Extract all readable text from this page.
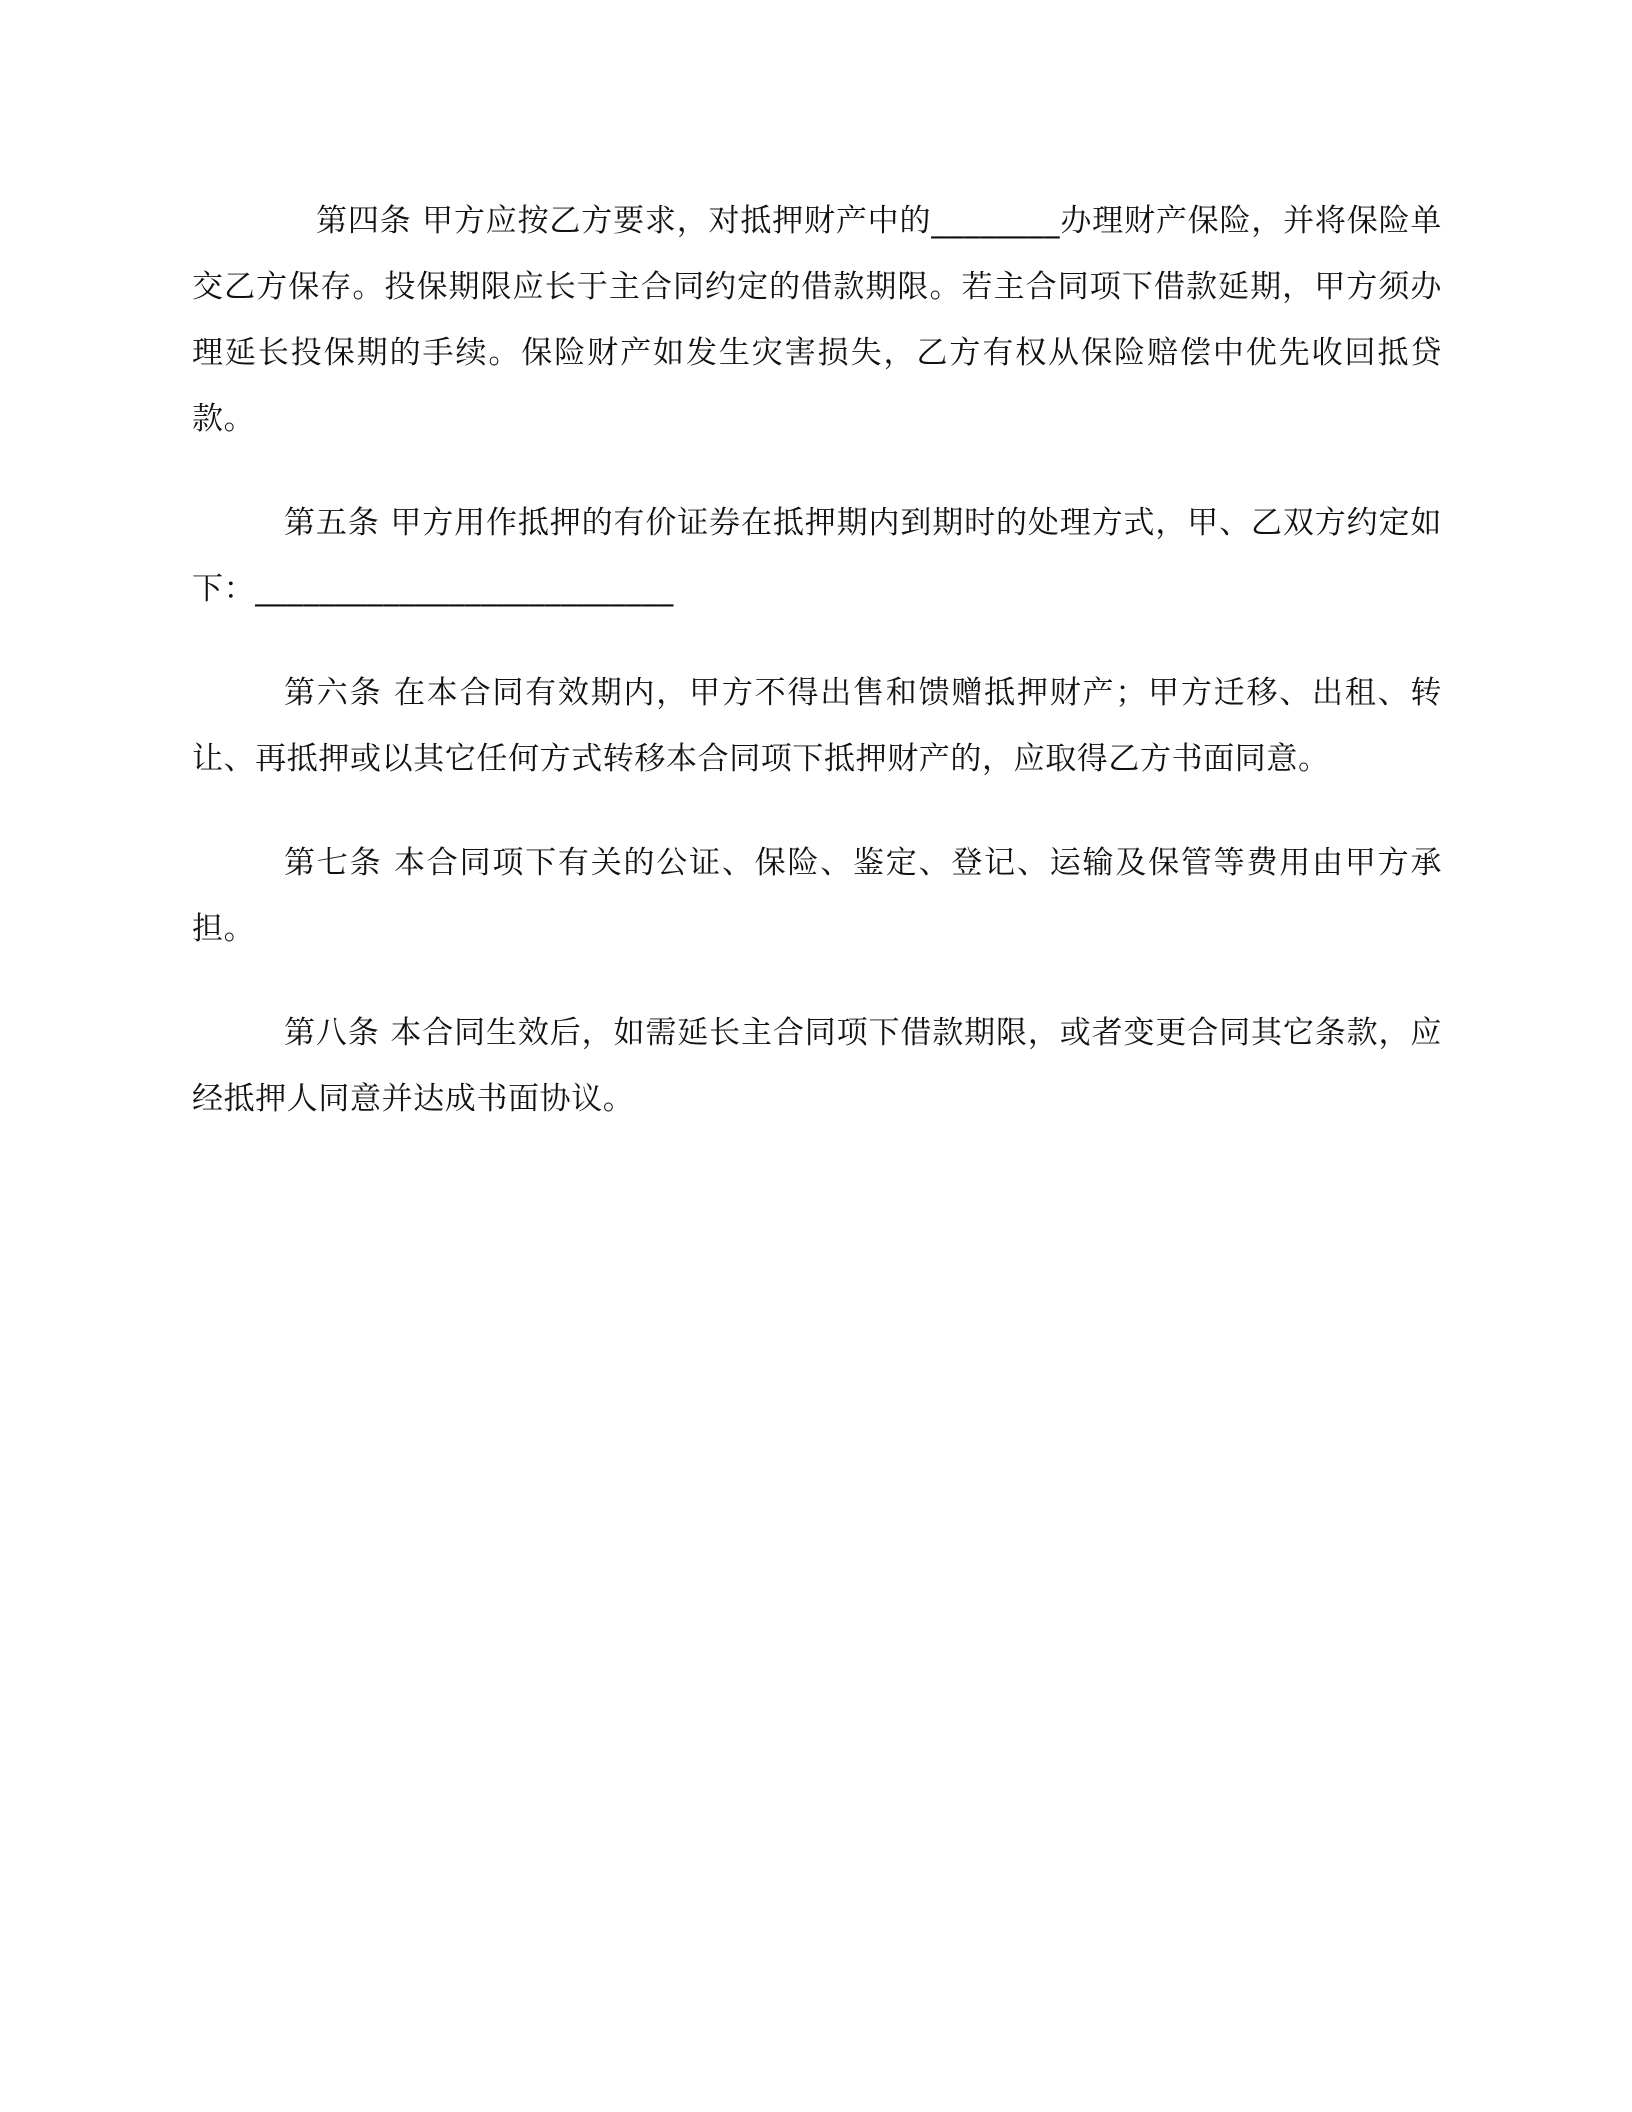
第四条 甲方应按乙方要求，对抵押财产中的________办理财产保险，并将保险单交乙方保存。投保期限应长于主合同约定的借款期限。若主合同项下借款延期，甲方须办理延长投保期的手续。保险财产如发生灾害损失，乙方有权从保险赔偿中优先收回抵贷款。

第五条 甲方用作抵押的有价证券在抵押期内到期时的处理方式，甲、乙双方约定如下：__________________________

第六条 在本合同有效期内，甲方不得出售和馈赠抵押财产；甲方迁移、出租、转让、再抵押或以其它任何方式转移本合同项下抵押财产的，应取得乙方书面同意。

第七条 本合同项下有关的公证、保险、鉴定、登记、运输及保管等费用由甲方承担。

第八条 本合同生效后，如需延长主合同项下借款期限，或者变更合同其它条款，应经抵押人同意并达成书面协议。
